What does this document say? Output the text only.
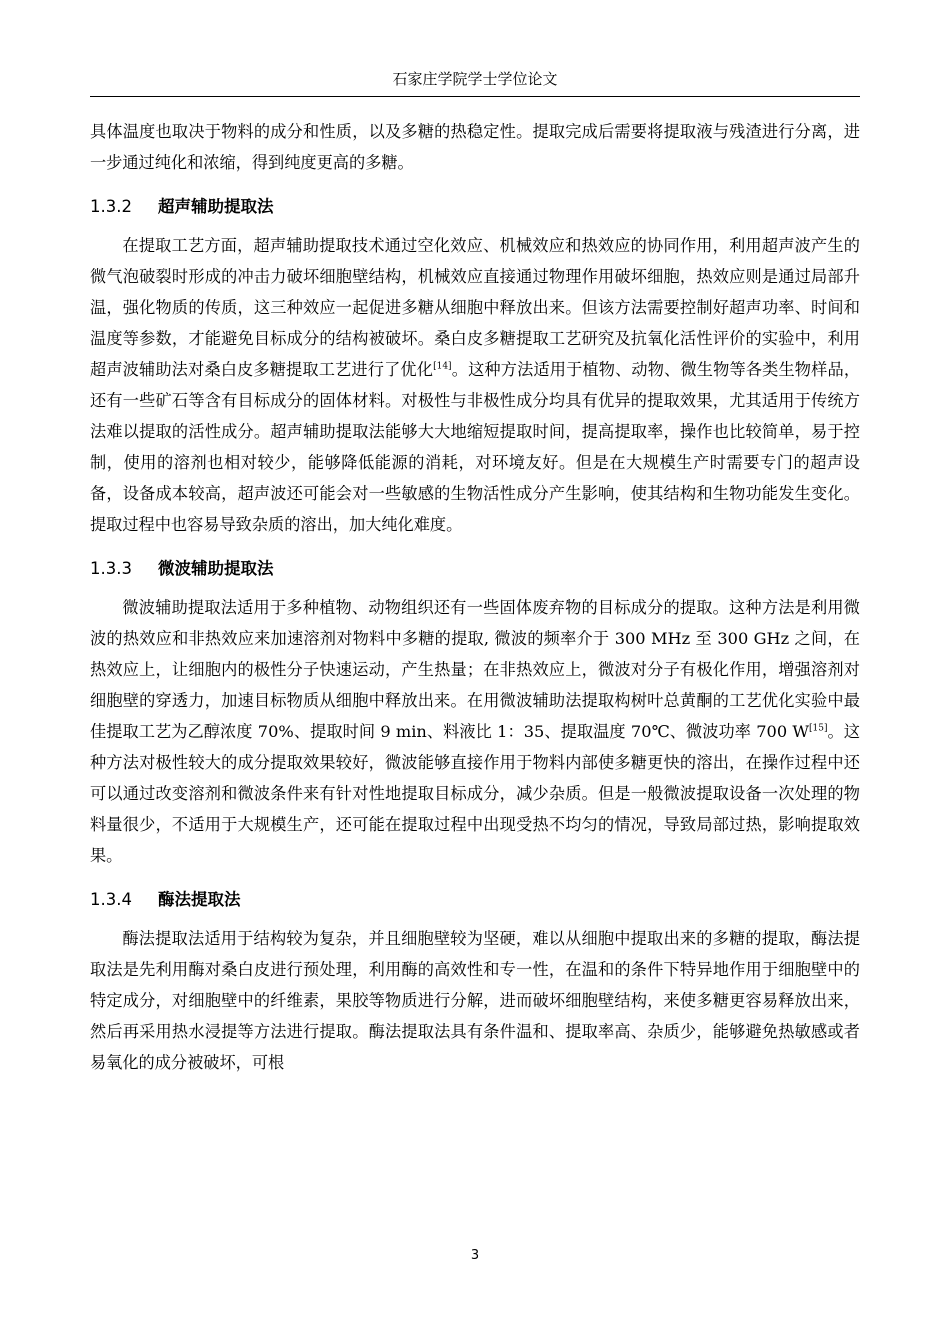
石家庄学院学士学位论文

具体温度也取决于物料的成分和性质，以及多糖的热稳定性。提取完成后需要将提取液与残渣进行分离，进一步通过纯化和浓缩，得到纯度更高的多糖。

1.3.2 超声辅助提取法

在提取工艺方面，超声辅助提取技术通过空化效应、机械效应和热效应的协同作用，利用超声波产生的微气泡破裂时形成的冲击力破坏细胞壁结构，机械效应直接通过物理作用破坏细胞，热效应则是通过局部升温，强化物质的传质，这三种效应一起促进多糖从细胞中释放出来。但该方法需要控制好超声功率、时间和温度等参数，才能避免目标成分的结构被破坏。桑白皮多糖提取工艺研究及抗氧化活性评价的实验中，利用超声波辅助法对桑白皮多糖提取工艺进行了优化[14]。这种方法适用于植物、动物、微生物等各类生物样品，还有一些矿石等含有目标成分的固体材料。对极性与非极性成分均具有优异的提取效果，尤其适用于传统方法难以提取的活性成分。超声辅助提取法能够大大地缩短提取时间，提高提取率，操作也比较简单，易于控制，使用的溶剂也相对较少，能够降低能源的消耗，对环境友好。但是在大规模生产时需要专门的超声设备，设备成本较高，超声波还可能会对一些敏感的生物活性成分产生影响，使其结构和生物功能发生变化。提取过程中也容易导致杂质的溶出，加大纯化难度。

1.3.3 微波辅助提取法

微波辅助提取法适用于多种植物、动物组织还有一些固体废弃物的目标成分的提取。这种方法是利用微波的热效应和非热效应来加速溶剂对物料中多糖的提取, 微波的频率介于 300 MHz 至 300 GHz 之间，在热效应上，让细胞内的极性分子快速运动，产生热量；在非热效应上，微波对分子有极化作用，增强溶剂对细胞壁的穿透力，加速目标物质从细胞中释放出来。在用微波辅助法提取构树叶总黄酮的工艺优化实验中最佳提取工艺为乙醇浓度 70%、提取时间 9 min、料液比 1：35、提取温度 70℃、微波功率 700 W[15]。这种方法对极性较大的成分提取效果较好，微波能够直接作用于物料内部使多糖更快的溶出，在操作过程中还可以通过改变溶剂和微波条件来有针对性地提取目标成分，减少杂质。但是一般微波提取设备一次处理的物料量很少，不适用于大规模生产，还可能在提取过程中出现受热不均匀的情况，导致局部过热，影响提取效果。

1.3.4 酶法提取法

酶法提取法适用于结构较为复杂，并且细胞壁较为坚硬，难以从细胞中提取出来的多糖的提取，酶法提取法是先利用酶对桑白皮进行预处理，利用酶的高效性和专一性，在温和的条件下特异地作用于细胞壁中的特定成分，对细胞壁中的纤维素，果胶等物质进行分解，进而破坏细胞壁结构，来使多糖更容易释放出来，然后再采用热水浸提等方法进行提取。酶法提取法具有条件温和、提取率高、杂质少，能够避免热敏感或者易氧化的成分被破坏，可根

3
